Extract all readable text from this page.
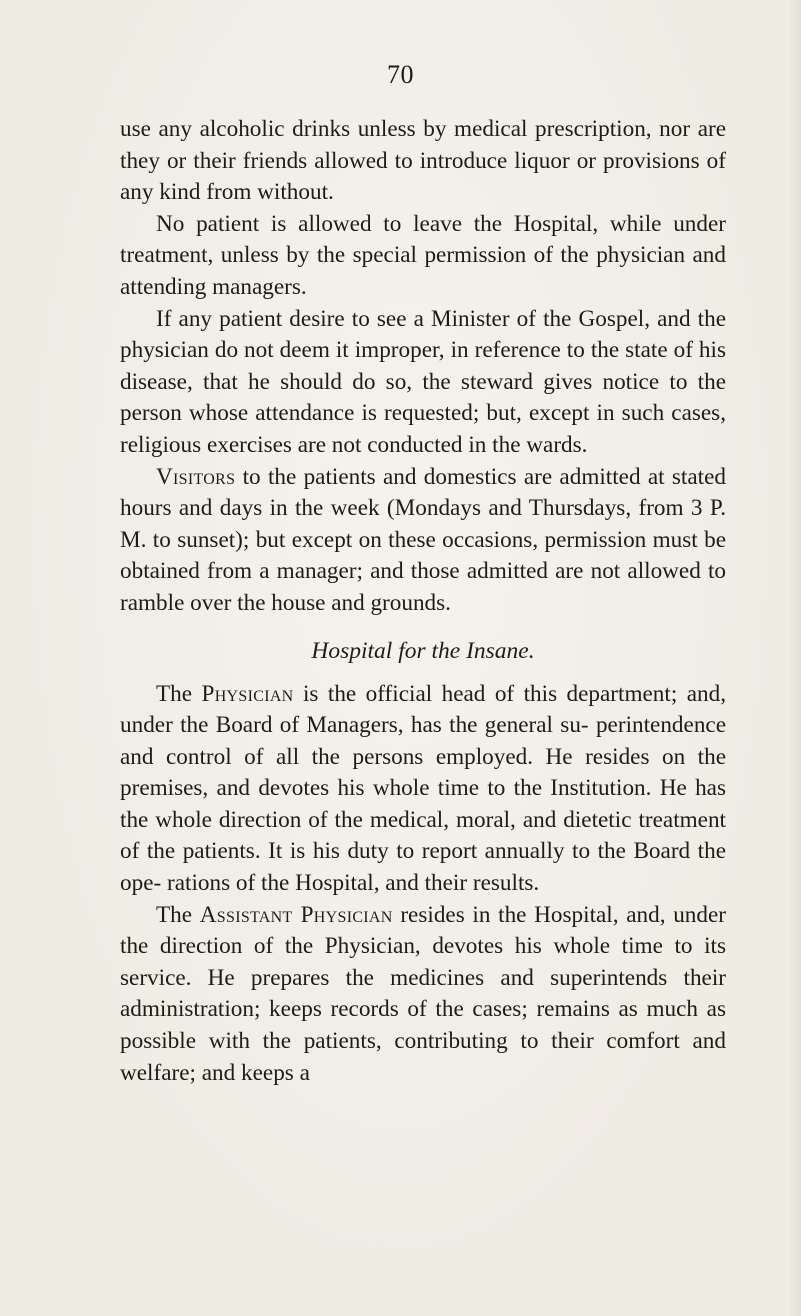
70

use any alcoholic drinks unless by medical prescription, nor are they or their friends allowed to introduce liquor or provisions of any kind from without.

No patient is allowed to leave the Hospital, while under treatment, unless by the special permission of the physician and attending managers.

If any patient desire to see a Minister of the Gospel, and the physician do not deem it improper, in reference to the state of his disease, that he should do so, the steward gives notice to the person whose attendance is requested; but, except in such cases, religious exercises are not conducted in the wards.

Visitors to the patients and domestics are admitted at stated hours and days in the week (Mondays and Thursdays, from 3 P. M. to sunset); but except on these occasions, permission must be obtained from a manager; and those admitted are not allowed to ramble over the house and grounds.

Hospital for the Insane.

The Physician is the official head of this department; and, under the Board of Managers, has the general su- perintendence and control of all the persons employed. He resides on the premises, and devotes his whole time to the Institution. He has the whole direction of the medical, moral, and dietetic treatment of the patients. It is his duty to report annually to the Board the ope- rations of the Hospital, and their results.

The Assistant Physician resides in the Hospital, and, under the direction of the Physician, devotes his whole time to its service. He prepares the medicines and superintends their administration; keeps records of the cases; remains as much as possible with the patients, contributing to their comfort and welfare; and keeps a
